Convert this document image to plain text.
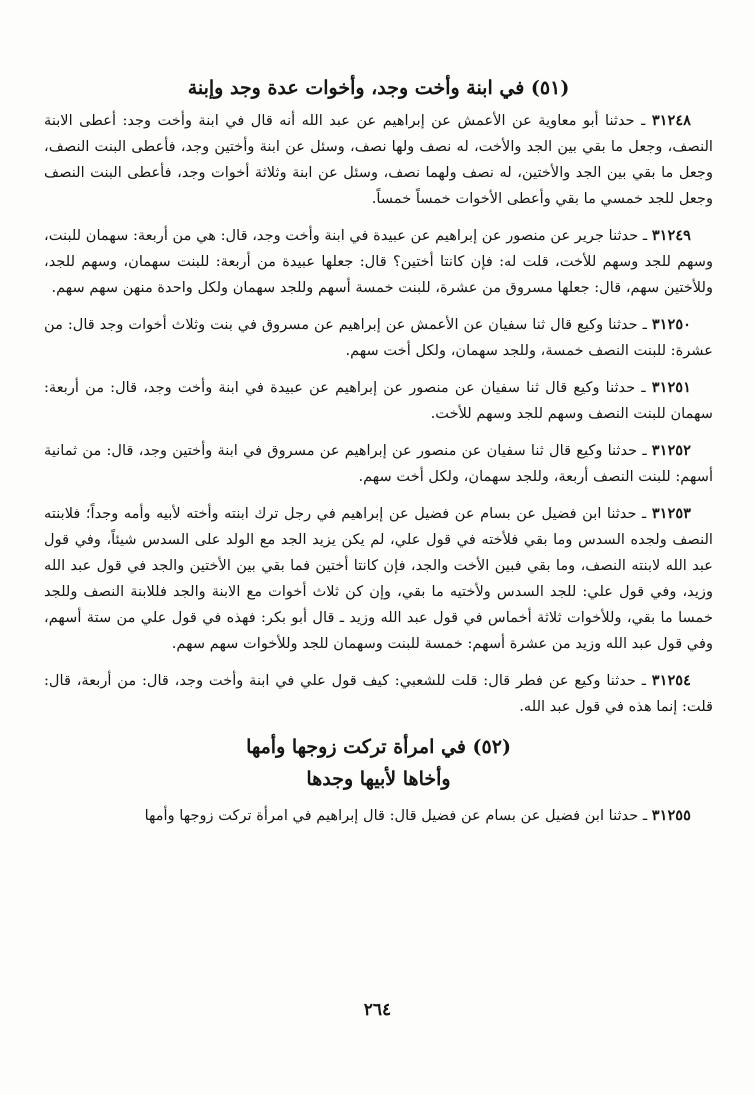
(٥١) في ابنة وأخت وجد، وأخوات عدة وجد وإبنة

٣١٢٤٨ ـ حدثنا أبو معاوية عن الأعمش عن إبراهيم عن عبد الله أنه قال في ابنة وأخت وجد: أعطى الابنة النصف، وجعل ما بقي بين الجد والأخت، له نصف ولها نصف، وسئل عن ابنة وأختين وجد، فأعطى البنت النصف، وجعل ما بقي بين الجد والأختين، له نصف ولهما نصف، وسئل عن ابنة وثلاثة أخوات وجد، فأعطى البنت النصف وجعل للجد خمسي ما بقي وأعطى الأخوات خمساً خمساً.

٣١٢٤٩ ـ حدثنا جرير عن منصور عن إبراهيم عن عبيدة في ابنة وأخت وجد، قال: هي من أربعة: سهمان للبنت، وسهم للجد وسهم للأخت، قلت له: فإن كانتا أختين؟ قال: جعلها عبيدة من أربعة: للبنت سهمان، وسهم للجد، وللأختين سهم، قال: جعلها مسروق من عشرة، للبنت خمسة أسهم وللجد سهمان ولكل واحدة منهن سهم سهم.

٣١٢٥٠ ـ حدثنا وكيع قال ثنا سفيان عن الأعمش عن إبراهيم عن مسروق في بنت وثلاث أخوات وجد قال: من عشرة: للبنت النصف خمسة، وللجد سهمان، ولكل أخت سهم.

٣١٢٥١ ـ حدثنا وكيع قال ثنا سفيان عن منصور عن إبراهيم عن عبيدة في ابنة وأخت وجد، قال: من أربعة: سهمان للبنت النصف وسهم للجد وسهم للأخت.

٣١٢٥٢ ـ حدثنا وكيع قال ثنا سفيان عن منصور عن إبراهيم عن مسروق في ابنة وأختين وجد، قال: من ثمانية أسهم: للبنت النصف أربعة، وللجد سهمان، ولكل أخت سهم.

٣١٢٥٣ ـ حدثنا ابن فضيل عن بسام عن فضيل عن إبراهيم في رجل ترك ابنته وأخته لأبيه وأمه وجداً؛ فلابنته النصف ولجده السدس وما بقي فلأخته في قول علي، لم يكن يزيد الجد مع الولد على السدس شيئاً، وفي قول عبد الله لابنته النصف، وما بقي فبين الأخت والجد، فإن كانتا أختين فما بقي بين الأختين والجد في قول عبد الله وزيد، وفي قول علي: للجد السدس ولأختيه ما بقي، وإن كن ثلاث أخوات مع الابنة والجد فللابنة النصف وللجد خمسا ما بقي، وللأخوات ثلاثة أخماس في قول عبد الله وزيد ـ قال أبو بكر: فهذه في قول علي من ستة أسهم، وفي قول عبد الله وزيد من عشرة أسهم: خمسة للبنت وسهمان للجد وللأخوات سهم سهم.

٣١٢٥٤ ـ حدثنا وكيع عن فطر قال: قلت للشعبي: كيف قول علي في ابنة وأخت وجد، قال: من أربعة، قال: قلت: إنما هذه في قول عبد الله.

(٥٢) في امرأة تركت زوجها وأمها
وأخاها لأبيها وجدها

٣١٢٥٥ ـ حدثنا ابن فضيل عن بسام عن فضيل قال: قال إبراهيم في امرأة تركت زوجها وأمها

٢٦٤
